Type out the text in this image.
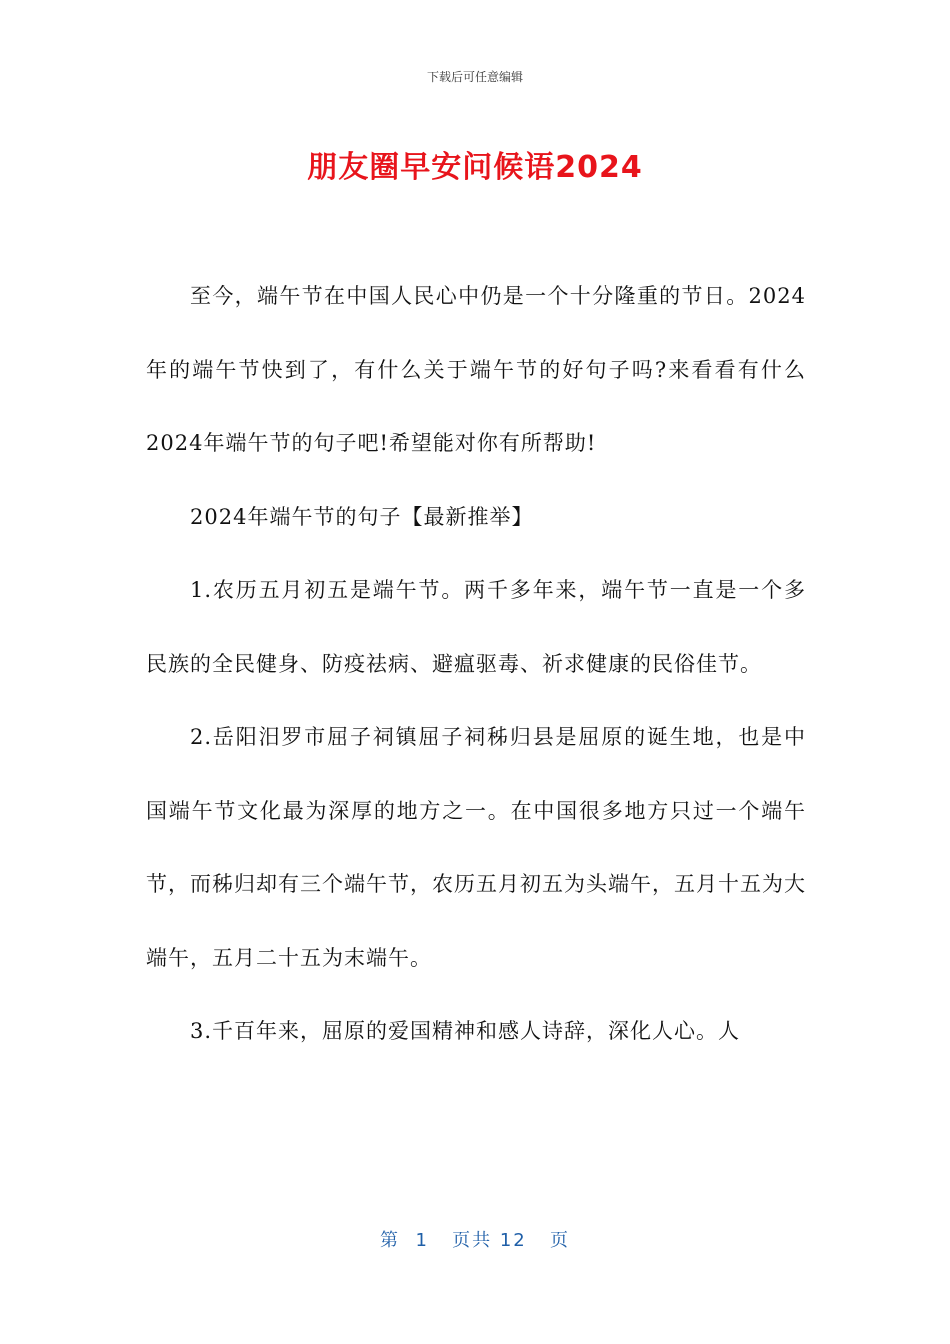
下载后可任意编辑
朋友圈早安问候语2024

至今，端午节在中国人民心中仍是一个十分隆重的节日。2024年的端午节快到了，有什么关于端午节的好句子吗?来看看有什么2024年端午节的句子吧!希望能对你有所帮助!

2024年端午节的句子【最新推举】

1.农历五月初五是端午节。两千多年来，端午节一直是一个多民族的全民健身、防疫祛病、避瘟驱毒、祈求健康的民俗佳节。

2.岳阳汨罗市屈子祠镇屈子祠秭归县是屈原的诞生地，也是中国端午节文化最为深厚的地方之一。在中国很多地方只过一个端午节，而秭归却有三个端午节，农历五月初五为头端午，五月十五为大端午，五月二十五为末端午。

3.千百年来，屈原的爱国精神和感人诗辞，深化人心。人

第 1 页共 12 页
